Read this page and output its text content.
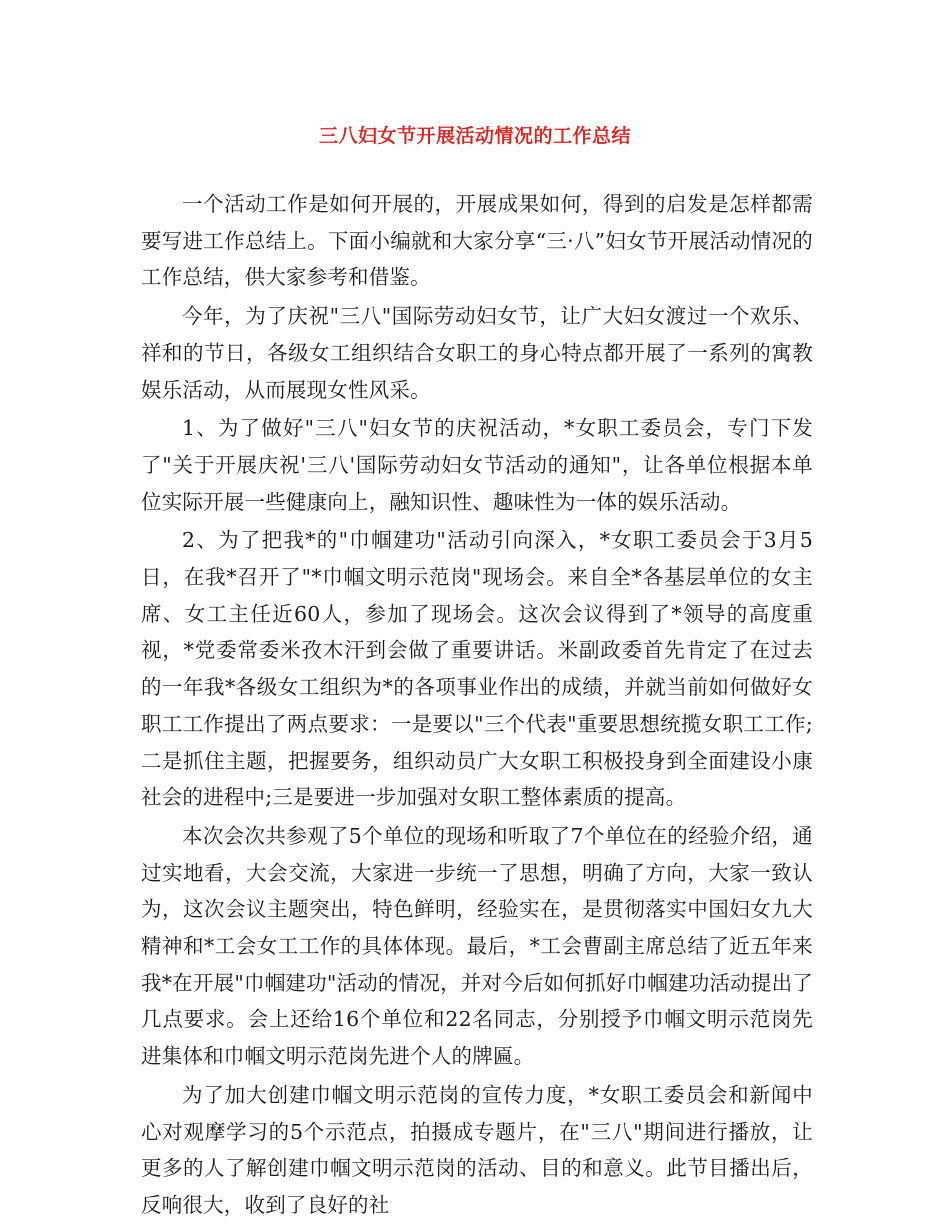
三八妇女节开展活动情况的工作总结

一个活动工作是如何开展的，开展成果如何，得到的启发是怎样都需要写进工作总结上。下面小编就和大家分享“三·八”妇女节开展活动情况的工作总结，供大家参考和借鉴。

今年，为了庆祝"三八"国际劳动妇女节，让广大妇女渡过一个欢乐、祥和的节日，各级女工组织结合女职工的身心特点都开展了一系列的寓教娱乐活动，从而展现女性风采。

1、为了做好"三八"妇女节的庆祝活动，*女职工委员会，专门下发了"关于开展庆祝'三八'国际劳动妇女节活动的通知"，让各单位根据本单位实际开展一些健康向上，融知识性、趣味性为一体的娱乐活动。

2、为了把我*的"巾帼建功"活动引向深入，*女职工委员会于3月5日，在我*召开了"*巾帼文明示范岗"现场会。来自全*各基层单位的女主席、女工主任近60人，参加了现场会。这次会议得到了*领导的高度重视，*党委常委米孜木汗到会做了重要讲话。米副政委首先肯定了在过去的一年我*各级女工组织为*的各项事业作出的成绩，并就当前如何做好女职工工作提出了两点要求：一是要以"三个代表"重要思想统揽女职工工作;二是抓住主题，把握要务，组织动员广大女职工积极投身到全面建设小康社会的进程中;三是要进一步加强对女职工整体素质的提高。

本次会次共参观了5个单位的现场和听取了7个单位在的经验介绍，通过实地看，大会交流，大家进一步统一了思想，明确了方向，大家一致认为，这次会议主题突出，特色鲜明，经验实在，是贯彻落实中国妇女九大精神和*工会女工工作的具体体现。最后，*工会曹副主席总结了近五年来我*在开展"巾帼建功"活动的情况，并对今后如何抓好巾帼建功活动提出了几点要求。会上还给16个单位和22名同志，分别授予巾帼文明示范岗先进集体和巾帼文明示范岗先进个人的牌匾。

为了加大创建巾帼文明示范岗的宣传力度，*女职工委员会和新闻中心对观摩学习的5个示范点，拍摄成专题片，在"三八"期间进行播放，让更多的人了解创建巾帼文明示范岗的活动、目的和意义。此节目播出后，反响很大，收到了良好的社
